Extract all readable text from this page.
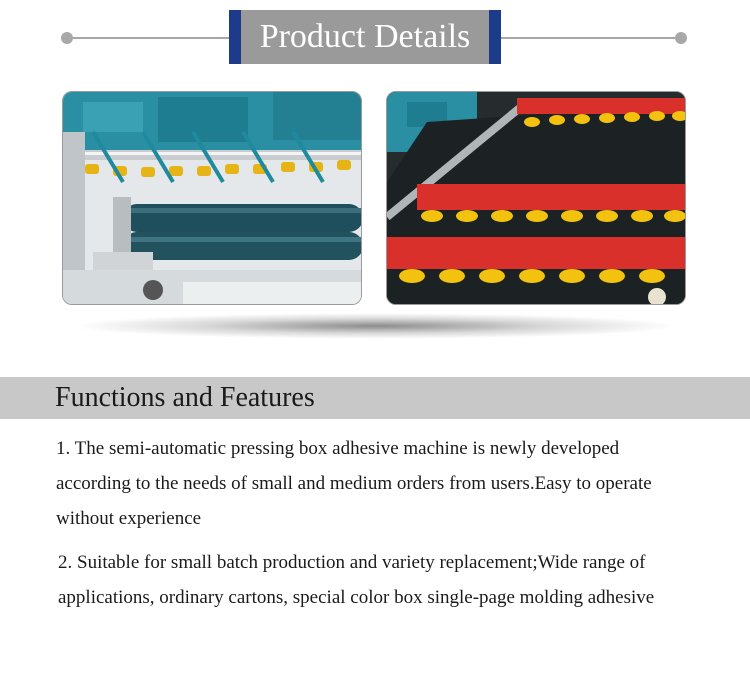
Product Details
Functions and Features
1. The semi-automatic pressing box adhesive machine is newly developed according to the needs of small and medium orders from users.Easy to operate without experience
2. Suitable for small batch production and variety replacement;Wide range of applications, ordinary cartons, special color box single-page molding adhesive
